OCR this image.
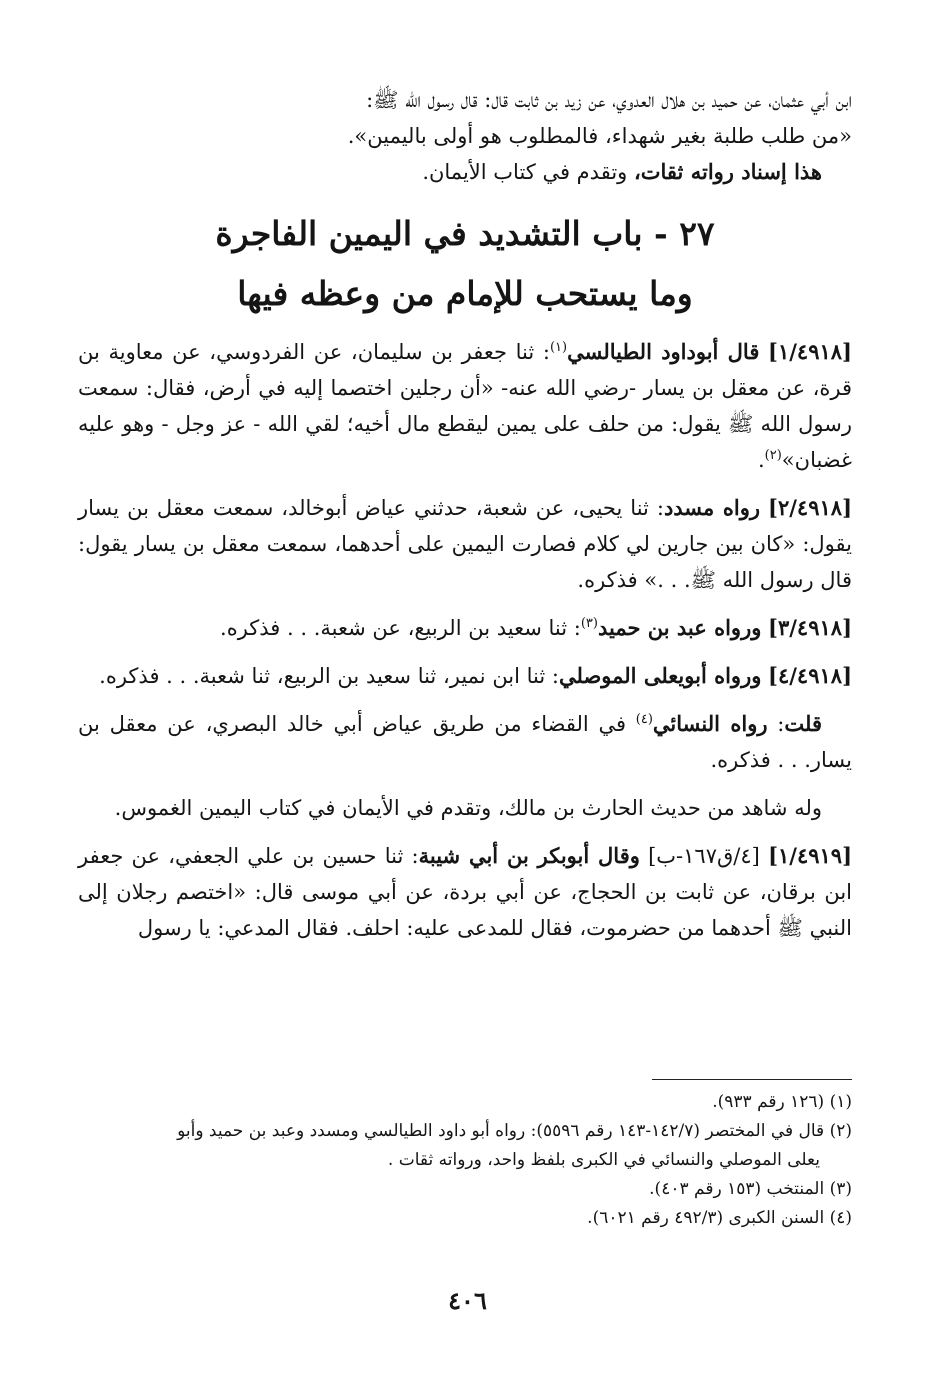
ابن أبي عثمان، عن حميد بن هلال العدوي، عن زيد بن ثابت قال: قال رسول الله ﷺ:

«من طلب طلبة بغير شهداء، فالمطلوب هو أولى باليمين».

هذا إسناد رواته ثقات، وتقدم في كتاب الأيمان.

٢٧ - باب التشديد في اليمين الفاجرة
وما يستحب للإمام من وعظه فيها

[١/٤٩١٨] قال أبوداود الطيالسي$^{(١)}$: ثنا جعفر بن سليمان، عن الفردوسي، عن معاوية بن قرة، عن معقل بن يسار -رضي الله عنه- «أن رجلين اختصما إليه في أرض، فقال: سمعت رسول الله ﷺ يقول: من حلف على يمين ليقطع مال أخيه؛ لقي الله - عز وجل - وهو عليه غضبان»$^{(٢)}$.

[٢/٤٩١٨] رواه مسدد: ثنا يحيى، عن شعبة، حدثني عياض أبوخالد، سمعت معقل بن يسار يقول: «كان بين جارين لي كلام فصارت اليمين على أحدهما، سمعت معقل بن يسار يقول: قال رسول الله ﷺ. . .» فذكره.

[٣/٤٩١٨] ورواه عبد بن حميد$^{(٣)}$: ثنا سعيد بن الربيع، عن شعبة. . . فذكره.

[٤/٤٩١٨] ورواه أبويعلى الموصلي: ثنا ابن نمير، ثنا سعيد بن الربيع، ثنا شعبة. . . فذكره.

قلت: رواه النسائي$^{(٤)}$ في القضاء من طريق عياض أبي خالد البصري، عن معقل بن يسار. . . فذكره.

وله شاهد من حديث الحارث بن مالك، وتقدم في الأيمان في كتاب اليمين الغموس.

[١/٤٩١٩] [٤/ق١٦٧-ب] وقال أبوبكر بن أبي شيبة: ثنا حسين بن علي الجعفي، عن جعفر ابن برقان، عن ثابت بن الحجاج، عن أبي بردة، عن أبي موسى قال: «اختصم رجلان إلى النبي ﷺ أحدهما من حضرموت، فقال للمدعى عليه: احلف. فقال المدعي: يا رسول

(١) (١٢٦ رقم ٩٣٣).

(٢) قال في المختصر (١٤٢/٧-١٤٣ رقم ٥٥٩٦): رواه أبو داود الطيالسي ومسدد وعبد بن حميد وأبو

يعلى الموصلي والنسائي في الكبرى بلفظ واحد، ورواته ثقات .

(٣) المنتخب (١٥٣ رقم ٤٠٣).

(٤) السنن الكبرى (٤٩٢/٣ رقم ٦٠٢١).

٤٠٦
